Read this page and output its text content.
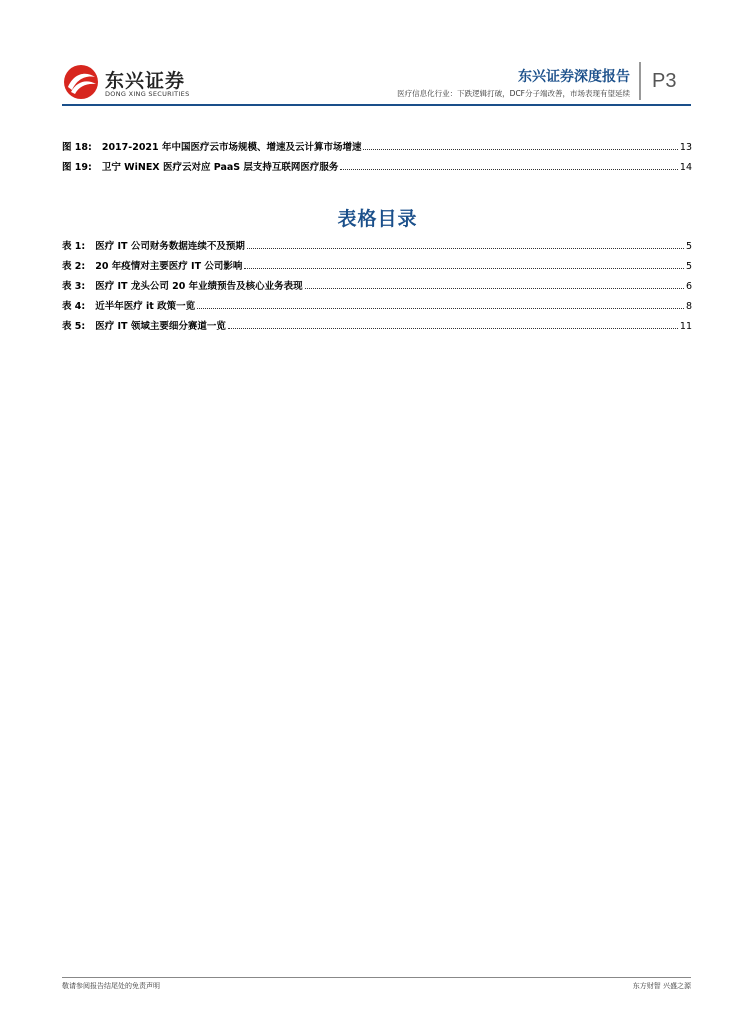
东兴证券
DONG XING SECURITIES
东兴证券深度报告
医疗信息化行业：下跌逻辑打破，DCF分子端改善，市场表现有望延续
P3
图 18:	2017-2021 年中国医疗云市场规模、增速及云计算市场增速	13
图 19:	卫宁 WiNEX 医疗云对应 PaaS 层支持互联网医疗服务	14
表格目录
表 1:	医疗 IT 公司财务数据连续不及预期	5
表 2:	20 年疫情对主要医疗 IT 公司影响	5
表 3:	医疗 IT 龙头公司 20 年业绩预告及核心业务表现	6
表 4:	近半年医疗 it 政策一览	8
表 5:	医疗 IT 领域主要细分赛道一览	11
敬请参阅报告结尾处的免责声明	东方财智 兴盛之源
